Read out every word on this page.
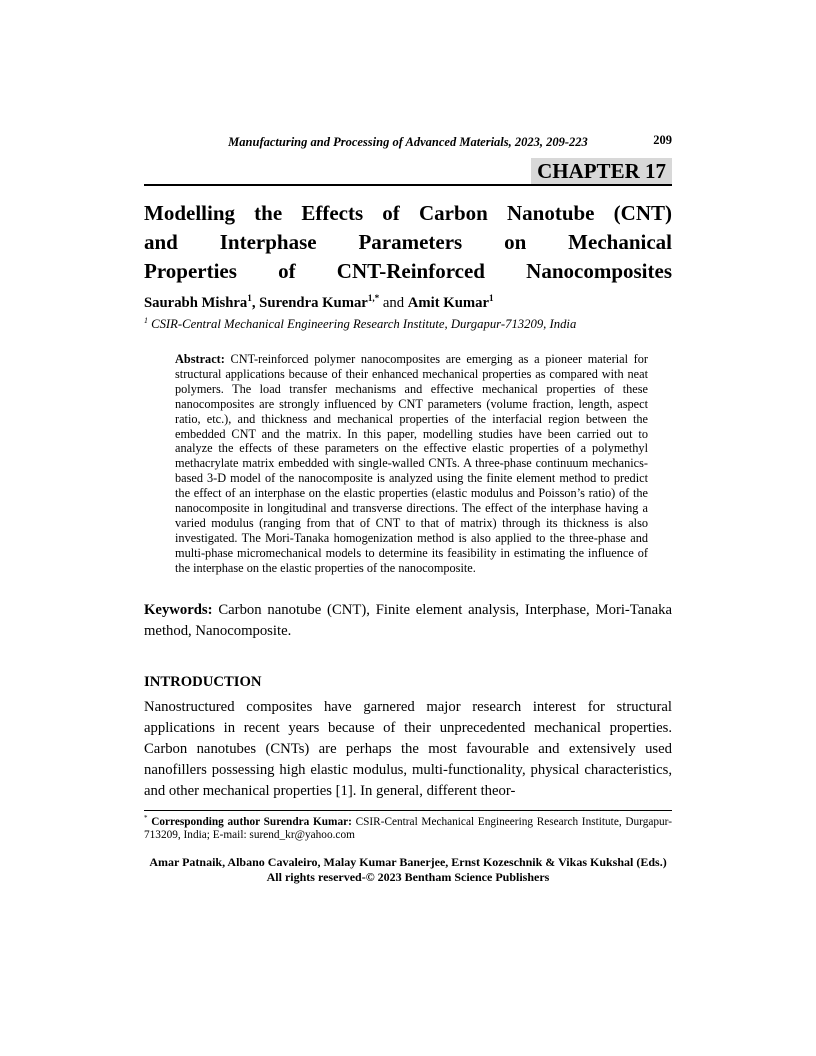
Manufacturing and Processing of Advanced Materials, 2023, 209-223	209
CHAPTER 17
Modelling the Effects of Carbon Nanotube (CNT)
and Interphase Parameters on Mechanical
Properties of CNT-Reinforced Nanocomposites
Saurabh Mishra$^1$, Surendra Kumar$^{1,*}$ and Amit Kumar$^1$
$^1$ CSIR-Central Mechanical Engineering Research Institute, Durgapur-713209, India
Abstract: CNT-reinforced polymer nanocomposites are emerging as a pioneer material for structural applications because of their enhanced mechanical properties as compared with neat polymers. The load transfer mechanisms and effective mechanical properties of these nanocomposites are strongly influenced by CNT parameters (volume fraction, length, aspect ratio, etc.), and thickness and mechanical properties of the interfacial region between the embedded CNT and the matrix. In this paper, modelling studies have been carried out to analyze the effects of these parameters on the effective elastic properties of a polymethyl methacrylate matrix embedded with single-walled CNTs. A three-phase continuum mechanics-based 3-D model of the nanocomposite is analyzed using the finite element method to predict the effect of an interphase on the elastic properties (elastic modulus and Poisson’s ratio) of the nanocomposite in longitudinal and transverse directions. The effect of the interphase having a varied modulus (ranging from that of CNT to that of matrix) through its thickness is also investigated. The Mori-Tanaka homogenization method is also applied to the three-phase and multi-phase micromechanical models to determine its feasibility in estimating the influence of the interphase on the elastic properties of the nanocomposite.
Keywords: Carbon nanotube (CNT), Finite element analysis, Interphase, Mori-Tanaka method, Nanocomposite.
INTRODUCTION
Nanostructured composites have garnered major research interest for structural applications in recent years because of their unprecedented mechanical properties. Carbon nanotubes (CNTs) are perhaps the most favourable and extensively used nanofillers possessing high elastic modulus, multi-functionality, physical characteristics, and other mechanical properties [1]. In general, different theor-
* Corresponding author Surendra Kumar: CSIR-Central Mechanical Engineering Research Institute, Durgapur-713209, India; E-mail: surend_kr@yahoo.com
Amar Patnaik, Albano Cavaleiro, Malay Kumar Banerjee, Ernst Kozeschnik & Vikas Kukshal (Eds.)
All rights reserved-© 2023 Bentham Science Publishers
